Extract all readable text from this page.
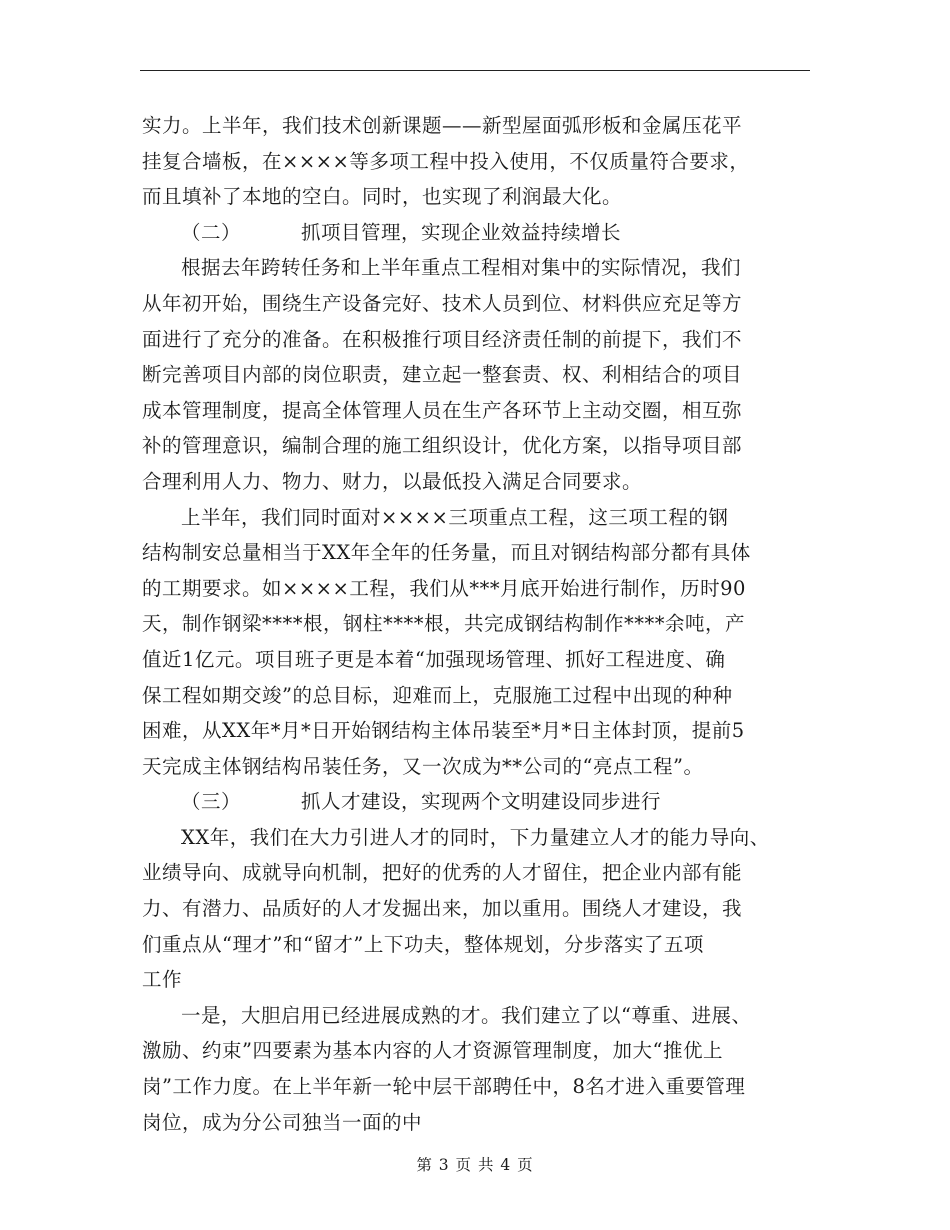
实力。上半年，我们技术创新课题——新型屋面弧形板和金属压花平
挂复合墙板，在××××等多项工程中投入使用，不仅质量符合要求，
而且填补了本地的空白。同时，也实现了利润最大化。
（二）	抓项目管理，实现企业效益持续增长
根据去年跨转任务和上半年重点工程相对集中的实际情况，我们
从年初开始，围绕生产设备完好、技术人员到位、材料供应充足等方
面进行了充分的准备。在积极推行项目经济责任制的前提下，我们不
断完善项目内部的岗位职责，建立起一整套责、权、利相结合的项目
成本管理制度，提高全体管理人员在生产各环节上主动交圈，相互弥
补的管理意识，编制合理的施工组织设计，优化方案，以指导项目部
合理利用人力、物力、财力，以最低投入满足合同要求。
上半年，我们同时面对××××三项重点工程，这三项工程的钢
结构制安总量相当于XX年全年的任务量，而且对钢结构部分都有具体
的工期要求。如××××工程，我们从***月底开始进行制作，历时90
天，制作钢梁****根，钢柱****根，共完成钢结构制作****余吨，产
值近1亿元。项目班子更是本着“加强现场管理、抓好工程进度、确
保工程如期交竣”的总目标，迎难而上，克服施工过程中出现的种种
困难，从XX年*月*日开始钢结构主体吊装至*月*日主体封顶，提前5
天完成主体钢结构吊装任务，又一次成为**公司的“亮点工程”。
（三）	抓人才建设，实现两个文明建设同步进行
XX年，我们在大力引进人才的同时，下力量建立人才的能力导向、
业绩导向、成就导向机制，把好的优秀的人才留住，把企业内部有能
力、有潜力、品质好的人才发掘出来，加以重用。围绕人才建设，我
们重点从“理才”和“留才”上下功夫，整体规划，分步落实了五项
工作
一是，大胆启用已经进展成熟的才。我们建立了以“尊重、进展、
激励、约束”四要素为基本内容的人才资源管理制度，加大“推优上
岗”工作力度。在上半年新一轮中层干部聘任中，8名才进入重要管理
岗位，成为分公司独当一面的中
第 3 页 共 4 页
